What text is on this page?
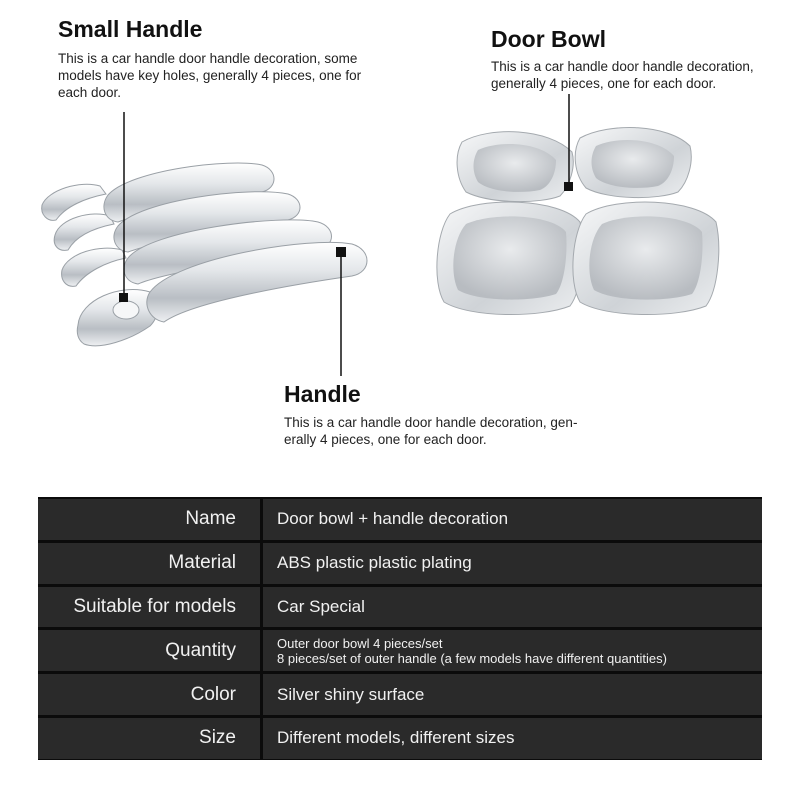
Small Handle
This is a car handle door handle decoration, some
models have key holes, generally 4 pieces, one for
each door.
Door Bowl
This is a car handle door handle decoration,
generally 4 pieces, one for each door.
Handle
This is a car handle door handle decoration, gen-
erally 4 pieces, one for each door.
Name	Door bowl + handle decoration
Material	ABS plastic plastic plating
Suitable for models	Car Special
Quantity	Outer door bowl 4 pieces/set
8 pieces/set of outer handle (a few models have different quantities)
Color	Silver shiny surface
Size	Different models, different sizes
